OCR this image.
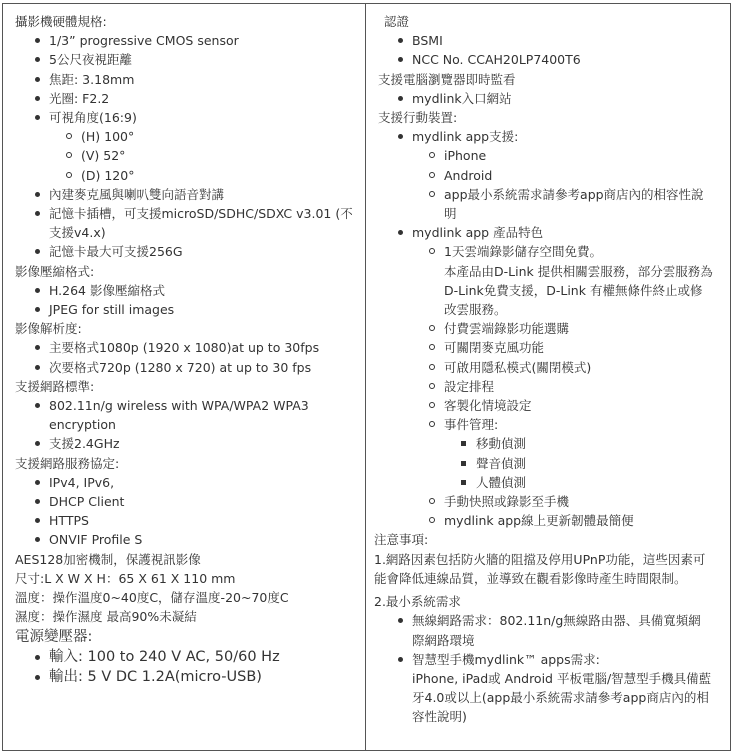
攝影機硬體規格:
1/3” progressive CMOS sensor
5公尺夜視距離
焦距: 3.18mm
光圈: F2.2
可視角度(16:9)
(H) 100°
(V) 52°
(D) 120°
內建麥克風與喇叭雙向語音對講
記憶卡插槽，可支援microSD/SDHC/SDXC v3.01 (不支援v4.x)
記憶卡最大可支援256G
影像壓縮格式:
H.264 影像壓縮格式
JPEG for still images
影像解析度:
主要格式1080p (1920 x 1080)at up to 30fps
次要格式720p (1280 x 720) at up to 30 fps
支援網路標準:
802.11n/g wireless with WPA/WPA2 WPA3 encryption
支援2.4GHz
支援網路服務協定:
IPv4, IPv6,
DHCP Client
HTTPS
ONVIF Profile S
AES128加密機制，保護視訊影像
尺寸:L X W X H：65 X 61 X 110 mm
溫度：操作溫度0~40度C，儲存溫度-20~70度C
濕度：操作濕度 最高90%未凝結
電源變壓器:
輸入: 100 to 240 V AC, 50/60 Hz
輸出: 5 V DC 1.2A(micro-USB)
認證
BSMI
NCC No. CCAH20LP7400T6
支援電腦瀏覽器即時監看
mydlink入口網站
支援行動裝置:
mydlink app支援:
iPhone
Android
app最小系統需求請參考app商店內的相容性說明
mydlink app 產品特色
1天雲端錄影儲存空間免費。
本產品由D-Link 提供相關雲服務，部分雲服務為D-Link免費支援，D-Link 有權無條件終止或修改雲服務。
付費雲端錄影功能選購
可關閉麥克風功能
可啟用隱私模式(關閉模式)
設定排程
客製化情境設定
事件管理:
移動偵測
聲音偵測
人體偵測
手動快照或錄影至手機
mydlink app線上更新韌體最簡便
注意事項:
1.網路因素包括防火牆的阻擋及停用UPnP功能，這些因素可能會降低連線品質，並導致在觀看影像時產生時間限制。
2.最小系統需求
無線網路需求：802.11n/g無線路由器、具備寬頻網際網路環境
智慧型手機mydlink™ apps需求:
iPhone, iPad或 Android 平板電腦/智慧型手機具備藍牙4.0或以上(app最小系統需求請參考app商店內的相容性說明)
